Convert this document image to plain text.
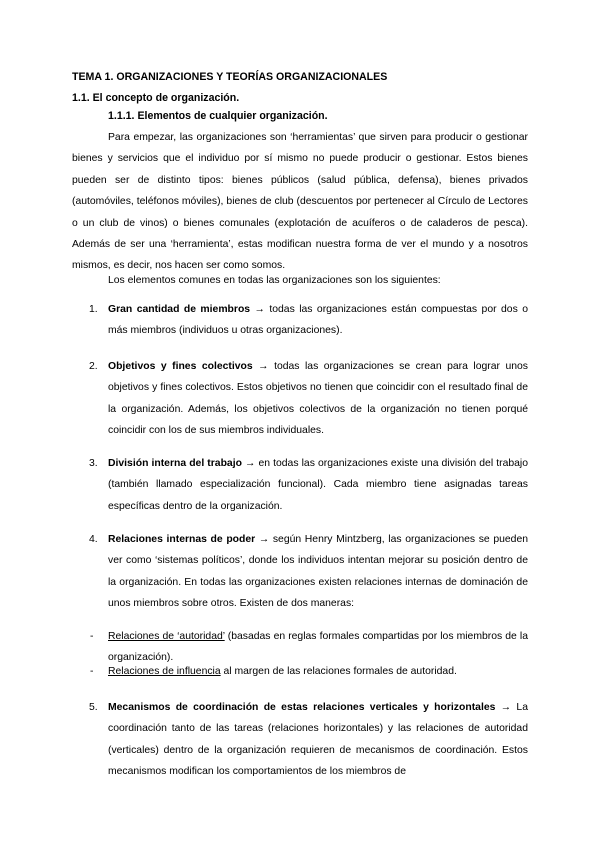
TEMA 1. ORGANIZACIONES Y TEORÍAS ORGANIZACIONALES
1.1. El concepto de organización.
1.1.1. Elementos de cualquier organización.

Para empezar, las organizaciones son ‘herramientas’ que sirven para producir o gestionar bienes y servicios que el individuo por sí mismo no puede producir o gestionar. Estos bienes pueden ser de distinto tipos: bienes públicos (salud pública, defensa), bienes privados (automóviles, teléfonos móviles), bienes de club (descuentos por pertenecer al Círculo de Lectores o un club de vinos) o bienes comunales (explotación de acuíferos o de caladeros de pesca). Además de ser una ‘herramienta’, estas modifican nuestra forma de ver el mundo y a nosotros mismos, es decir, nos hacen ser como somos.

Los elementos comunes en todas las organizaciones son los siguientes:

1. Gran cantidad de miembros → todas las organizaciones están compuestas por dos o más miembros (individuos u otras organizaciones).
2. Objetivos y fines colectivos → todas las organizaciones se crean para lograr unos objetivos y fines colectivos. Estos objetivos no tienen que coincidir con el resultado final de la organización. Además, los objetivos colectivos de la organización no tienen porqué coincidir con los de sus miembros individuales.
3. División interna del trabajo → en todas las organizaciones existe una división del trabajo (también llamado especialización funcional). Cada miembro tiene asignadas tareas específicas dentro de la organización.
4. Relaciones internas de poder → según Henry Mintzberg, las organizaciones se pueden ver como ‘sistemas políticos’, donde los individuos intentan mejorar su posición dentro de la organización. En todas las organizaciones existen relaciones internas de dominación de unos miembros sobre otros. Existen de dos maneras:
- Relaciones de ‘autoridad’ (basadas en reglas formales compartidas por los miembros de la organización).
- Relaciones de influencia al margen de las relaciones formales de autoridad.
5. Mecanismos de coordinación de estas relaciones verticales y horizontales → La coordinación tanto de las tareas (relaciones horizontales) y las relaciones de autoridad (verticales) dentro de la organización requieren de mecanismos de coordinación. Estos mecanismos modifican los comportamientos de los miembros de
